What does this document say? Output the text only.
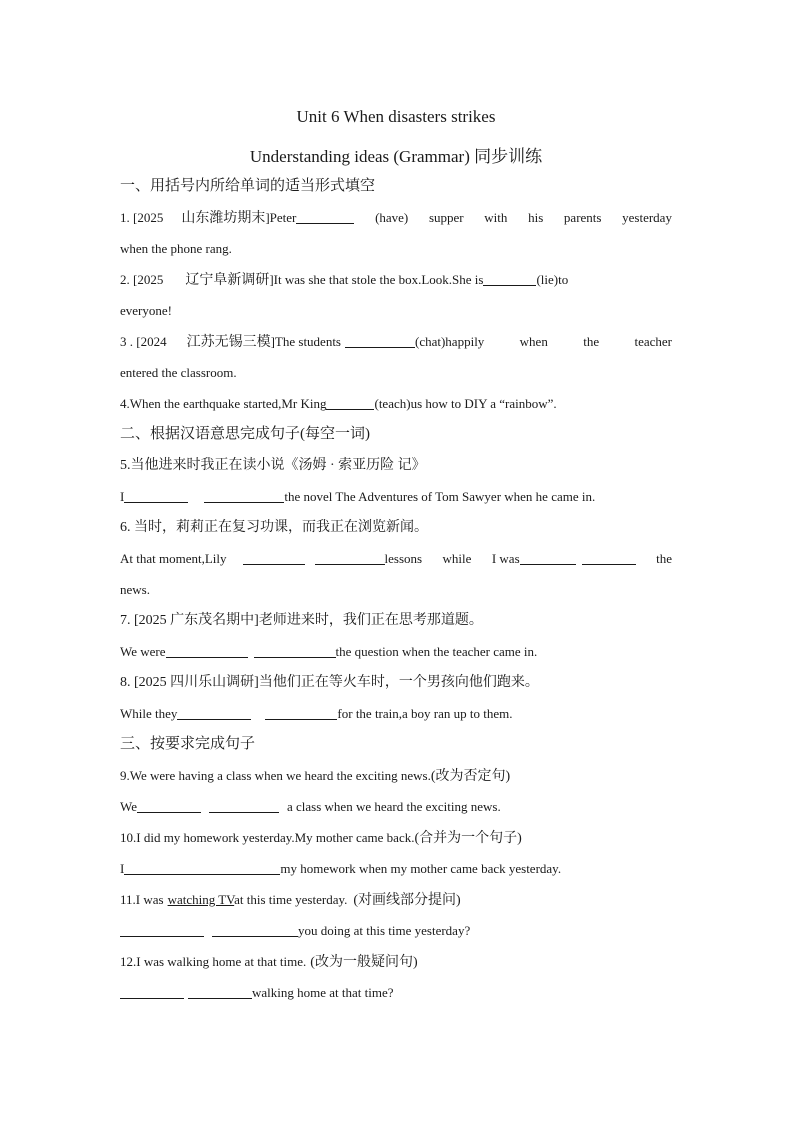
Unit 6 When disasters strikes

Understanding ideas (Grammar) 同步训练

一、用括号内所给单词的适当形式填空

1. [2025 山东潍坊期末]Peter	(have) supper with his parents yesterday

when the phone rang.

2. [2025 辽宁阜新调研]It was she that stole the box.Look.She is	(lie)to

everyone!

3 . [2024 江苏无锡三模]The students	(chat)happily	when	the	teacher

entered the classroom.

4.When the earthquake started,Mr King	(teach)us how to DIY a “rainbow”.

二、根据汉语意思完成句子(每空一词)

5.当他进来时我正在读小说《汤姆 · 索亚历险 记》

I	the novel The Adventures of Tom Sawyer when he came in.

6. 当时，莉莉正在复习功课，而我正在浏览新闻。

At that moment,Lily	lessons while I was	the

news.

7. [2025 广东茂名期中]老师进来时，我们正在思考那道题。

We were	the question when the teacher came in.

8. [2025 四川乐山调研]当他们正在等火车时，一个男孩向他们跑来。

While they	for the train,a boy ran up to them.

三、按要求完成句子

9.We were having a class when we heard the exciting news.(改为否定句)

We	a class when we heard the exciting news.

10.I did my homework yesterday.My mother came back.(合并为一个句子)

I	my homework when my mother came back yesterday.

11.I was watching TVat this time yesterday. (对画线部分提问)

you doing at this time yesterday?

12.I was walking home at that time. (改为一般疑问句)

walking home at that time?
